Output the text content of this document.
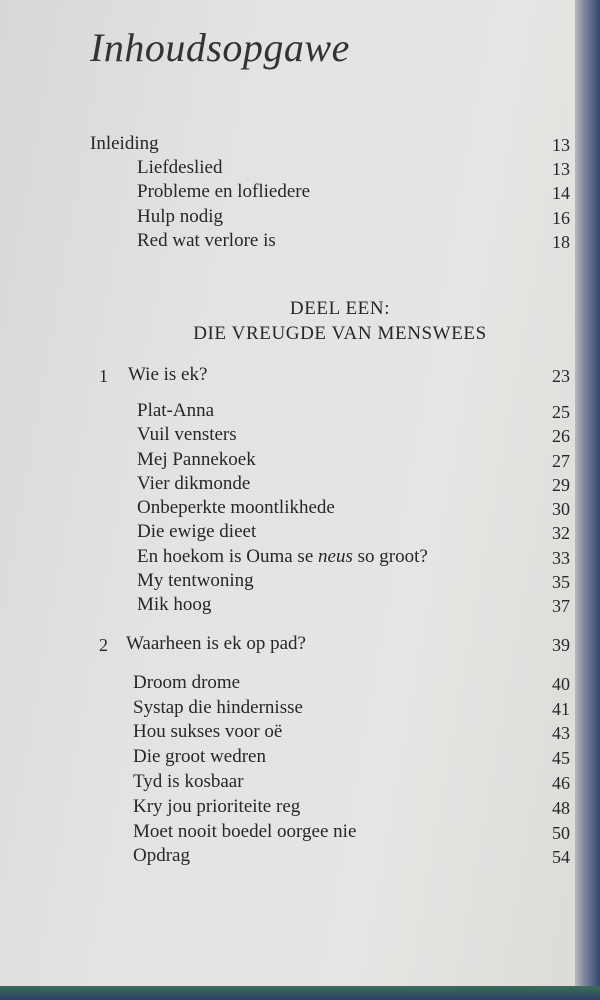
Inhoudsopgawe
Inleiding	13
Liefdeslied	13
Probleme en lofliedere	14
Hulp nodig	16
Red wat verlore is	18
DEEL EEN:
DIE VREUGDE VAN MENSWEES
1 Wie is ek?	23
Plat-Anna	25
Vuil vensters	26
Mej Pannekoek	27
Vier dikmonde	29
Onbeperkte moontlikhede	30
Die ewige dieet	32
En hoekom is Ouma se neus so groot?	33
My tentwoning	35
Mik hoog	37
2 Waarheen is ek op pad?	39
Droom drome	40
Systap die hindernisse	41
Hou sukses voor oë	43
Die groot wedren	45
Tyd is kosbaar	46
Kry jou prioriteite reg	48
Moet nooit boedel oorgee nie	50
Opdrag	54
